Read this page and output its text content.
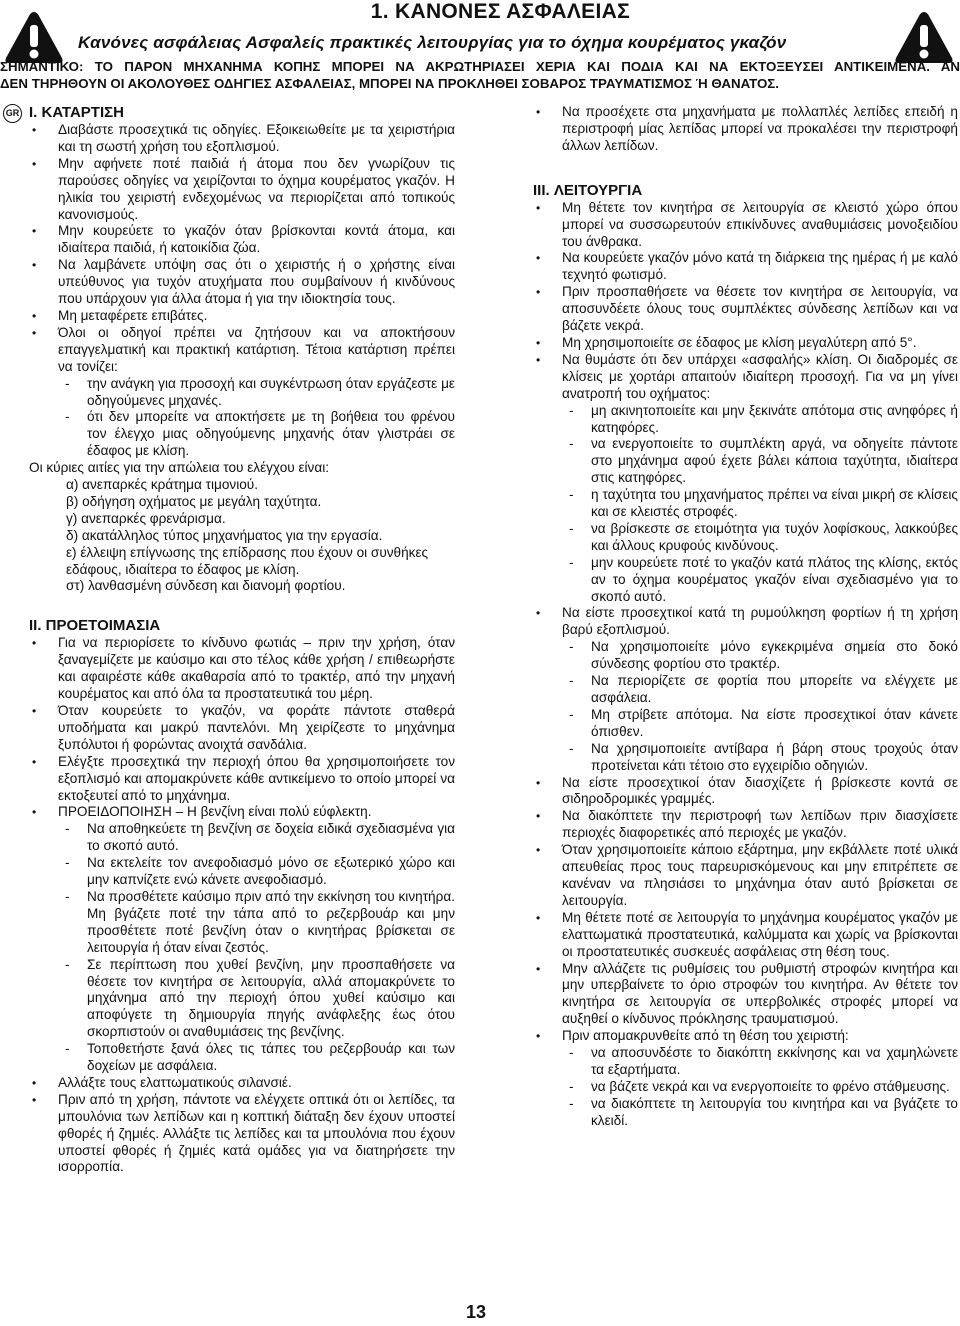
1. ΚΑΝΟΝΕΣ ΑΣΦΑΛΕΙΑΣ
Κανόνες ασφάλειας Ασφαλείς πρακτικές λειτουργίας για το όχημα κουρέματος γκαζόν
ΣΗΜΑΝΤΙΚΟ: ΤΟ ΠΑΡΟΝ ΜΗΧΑΝΗΜΑ ΚΟΠΗΣ ΜΠΟΡΕΙ ΝΑ ΑΚΡΩΤΗΡΙΑΣΕΙ ΧΕΡΙΑ ΚΑΙ ΠΟΔΙΑ ΚΑΙ ΝΑ ΕΚΤΟΞΕΥΣΕΙ ΑΝΤΙΚΕΙΜΕΝΑ. ΑΝ
ΔΕΝ ΤΗΡΗΘΟΥΝ ΟΙ ΑΚΟΛΟΥΘΕΣ ΟΔΗΓΙΕΣ ΑΣΦΑΛΕΙΑΣ, ΜΠΟΡΕΙ ΝΑ ΠΡΟΚΛΗΘΕΙ ΣΟΒΑΡΟΣ ΤΡΑΥΜΑΤΙΣΜΟΣ Ή ΘΑΝΑΤΟΣ.
GR I. ΚΑΤΑΡΤΙΣΗ

• Διαβάστε προσεχτικά τις οδηγίες. Εξοικειωθείτε με τα χειριστήρια και τη σωστή χρήση του εξοπλισμού.

• Μην αφήνετε ποτέ παιδιά ή άτομα που δεν γνωρίζουν τις παρούσες οδηγίες να χειρίζονται το όχημα κουρέματος γκαζόν. Η ηλικία του χειριστή ενδεχομένως να περιορίζεται από τοπικούς κανονισμούς.

• Μην κουρεύετε το γκαζόν όταν βρίσκονται κοντά άτομα, και ιδιαίτερα παιδιά, ή κατοικίδια ζώα.

• Να λαμβάνετε υπόψη σας ότι ο χειριστής ή ο χρήστης είναι υπεύθυνος για τυχόν ατυχήματα που συμβαίνουν ή κινδύνους που υπάρχουν για άλλα άτομα ή για την ιδιοκτησία τους.

• Μη μεταφέρετε επιβάτες.

• Όλοι οι οδηγοί πρέπει να ζητήσουν και να αποκτήσουν επαγγελματική και πρακτική κατάρτιση. Τέτοια κατάρτιση πρέπει να τονίζει:

- την ανάγκη για προσοχή και συγκέντρωση όταν εργάζεστε με οδηγούμενες μηχανές.

- ότι δεν μπορείτε να αποκτήσετε με τη βοήθεια του φρένου τον έλεγχο μιας οδηγούμενης μηχανής όταν γλιστράει σε έδαφος με κλίση.

Οι κύριες αιτίες για την απώλεια του ελέγχου είναι:

α) ανεπαρκές κράτημα τιμονιού.

β) οδήγηση οχήματος με μεγάλη ταχύτητα.

γ) ανεπαρκές φρενάρισμα.

δ) ακατάλληλος τύπος μηχανήματος για την εργασία.

ε) έλλειψη επίγνωσης της επίδρασης που έχουν οι συνθήκες εδάφους, ιδιαίτερα το έδαφος με κλίση.

στ) λανθασμένη σύνδεση και διανομή φορτίου.

II. ΠΡΟΕΤΟΙΜΑΣΙΑ

• Για να περιορίσετε το κίνδυνο φωτιάς – πριν την χρήση, όταν ξαναγεμίζετε με καύσιμο και στο τέλος κάθε χρήση / επιθεωρήστε και αφαιρέστε κάθε ακαθαρσία από το τρακτέρ, από την μηχανή κουρέματος και από όλα τα προστατευτικά του μέρη.

• Όταν κουρεύετε το γκαζόν, να φοράτε πάντοτε σταθερά υποδήματα και μακρύ παντελόνι. Μη χειρίζεστε το μηχάνημα ξυπόλυτοι ή φορώντας ανοιχτά σανδάλια.

• Ελέγξτε προσεχτικά την περιοχή όπου θα χρησιμοποιήσετε τον εξοπλισμό και απομακρύνετε κάθε αντικείμενο το οποίο μπορεί να εκτοξευτεί από το μηχάνημα.

• ΠΡΟΕΙΔΟΠΟΙΗΣΗ – Η βενζίνη είναι πολύ εύφλεκτη.

- Να αποθηκεύετε τη βενζίνη σε δοχεία ειδικά σχεδιασμένα για το σκοπό αυτό.

- Να εκτελείτε τον ανεφοδιασμό μόνο σε εξωτερικό χώρο και μην καπνίζετε ενώ κάνετε ανεφοδιασμό.

- Να προσθέτετε καύσιμο πριν από την εκκίνηση του κινητήρα. Μη βγάζετε ποτέ την τάπα από το ρεζερβουάρ και μην προσθέτετε ποτέ βενζίνη όταν ο κινητήρας βρίσκεται σε λειτουργία ή όταν είναι ζεστός.

- Σε περίπτωση που χυθεί βενζίνη, μην προσπαθήσετε να θέσετε τον κινητήρα σε λειτουργία, αλλά απομακρύνετε το μηχάνημα από την περιοχή όπου χυθεί καύσιμο και αποφύγετε τη δημιουργία πηγής ανάφλεξης έως ότου σκορπιστούν οι αναθυμιάσεις της βενζίνης.

- Τοποθετήστε ξανά όλες τις τάπες του ρεζερβουάρ και των δοχείων με ασφάλεια.

• Αλλάξτε τους ελαττωματικούς σιλανσιέ.

• Πριν από τη χρήση, πάντοτε να ελέγχετε οπτικά ότι οι λεπίδες, τα μπουλόνια των λεπίδων και η κοπτική διάταξη δεν έχουν υποστεί φθορές ή ζημιές. Αλλάξτε τις λεπίδες και τα μπουλόνια που έχουν υποστεί φθορές ή ζημιές κατά ομάδες για να διατηρήσετε την ισορροπία.

• Να προσέχετε στα μηχανήματα με πολλαπλές λεπίδες επειδή η περιστροφή μίας λεπίδας μπορεί να προκαλέσει την περιστροφή άλλων λεπίδων.

III. ΛΕΙΤΟΥΡΓΙΑ

• Μη θέτετε τον κινητήρα σε λειτουργία σε κλειστό χώρο όπου μπορεί να συσσωρευτούν επικίνδυνες αναθυμιάσεις μονοξειδίου του άνθρακα.

• Να κουρεύετε γκαζόν μόνο κατά τη διάρκεια της ημέρας ή με καλό τεχνητό φωτισμό.

• Πριν προσπαθήσετε να θέσετε τον κινητήρα σε λειτουργία, να αποσυνδέετε όλους τους συμπλέκτες σύνδεσης λεπίδων και να βάζετε νεκρά.

• Μη χρησιμοποιείτε σε έδαφος με κλίση μεγαλύτερη από 5°.

• Να θυμάστε ότι δεν υπάρχει «ασφαλής» κλίση. Οι διαδρομές σε κλίσεις με χορτάρι απαιτούν ιδιαίτερη προσοχή. Για να μη γίνει ανατροπή του οχήματος:

- μη ακινητοποιείτε και μην ξεκινάτε απότομα στις ανηφόρες ή κατηφόρες.

- να ενεργοποιείτε το συμπλέκτη αργά, να οδηγείτε πάντοτε στο μηχάνημα αφού έχετε βάλει κάποια ταχύτητα, ιδιαίτερα στις κατηφόρες.

- η ταχύτητα του μηχανήματος πρέπει να είναι μικρή σε κλίσεις και σε κλειστές στροφές.

- να βρίσκεστε σε ετοιμότητα για τυχόν λοφίσκους, λακκούβες και άλλους κρυφούς κινδύνους.

- μην κουρεύετε ποτέ το γκαζόν κατά πλάτος της κλίσης, εκτός αν το όχημα κουρέματος γκαζόν είναι σχεδιασμένο για το σκοπό αυτό.

• Να είστε προσεχτικοί κατά τη ρυμούλκηση φορτίων ή τη χρήση βαρύ εξοπλισμού.

- Να χρησιμοποιείτε μόνο εγκεκριμένα σημεία στο δοκό σύνδεσης φορτίου στο τρακτέρ.

- Να περιορίζετε σε φορτία που μπορείτε να ελέγχετε με ασφάλεια.

- Μη στρίβετε απότομα. Να είστε προσεχτικοί όταν κάνετε όπισθεν.

- Να χρησιμοποιείτε αντίβαρα ή βάρη στους τροχούς όταν προτείνεται κάτι τέτοιο στο εγχειρίδιο οδηγιών.

• Να είστε προσεχτικοί όταν διασχίζετε ή βρίσκεστε κοντά σε σιδηροδρομικές γραμμές.

• Να διακόπτετε την περιστροφή των λεπίδων πριν διασχίσετε περιοχές διαφορετικές από περιοχές με γκαζόν.

• Όταν χρησιμοποιείτε κάποιο εξάρτημα, μην εκβάλλετε ποτέ υλικά απευθείας προς τους παρευρισκόμενους και μην επιτρέπετε σε κανέναν να πλησιάσει το μηχάνημα όταν αυτό βρίσκεται σε λειτουργία.

• Μη θέτετε ποτέ σε λειτουργία το μηχάνημα κουρέματος γκαζόν με ελαττωματικά προστατευτικά, καλύμματα και χωρίς να βρίσκονται οι προστατευτικές συσκευές ασφάλειας στη θέση τους.

• Μην αλλάζετε τις ρυθμίσεις του ρυθμιστή στροφών κινητήρα και μην υπερβαίνετε το όριο στροφών του κινητήρα. Αν θέτετε τον κινητήρα σε λειτουργία σε υπερβολικές στροφές μπορεί να αυξηθεί ο κίνδυνος πρόκλησης τραυματισμού.

• Πριν απομακρυνθείτε από τη θέση του χειριστή:

- να αποσυνδέστε το διακόπτη εκκίνησης και να χαμηλώνετε τα εξαρτήματα.

- να βάζετε νεκρά και να ενεργοποιείτε το φρένο στάθμευσης.

- να διακόπτετε τη λειτουργία του κινητήρα και να βγάζετε το κλειδί.

13
